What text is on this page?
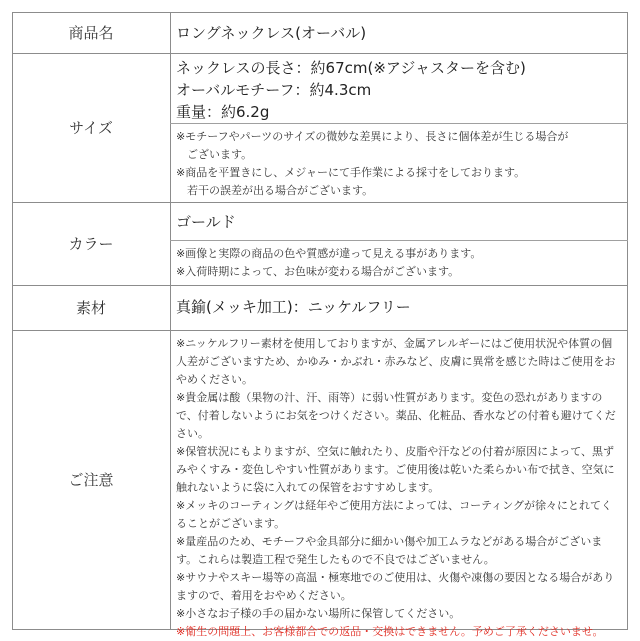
商品名	ロングネックレス(オーバル)
サイズ
ネックレスの長さ：約67cm(※アジャスターを含む)
オーバルモチーフ：約4.3cm
重量：約6.2g
※モチーフやパーツのサイズの微妙な差異により、長さに個体差が生じる場合が
　ございます。
※商品を平置きにし、メジャーにて手作業による採寸をしております。
　若干の誤差が出る場合がございます。
カラー
ゴールド
※画像と実際の商品の色や質感が違って見える事があります。
※入荷時期によって、お色味が変わる場合がございます。
素材	真鍮(メッキ加工)：ニッケルフリー
ご注意
※ニッケルフリー素材を使用しておりますが、金属アレルギーにはご使用状況や体質の個
人差がございますため、かゆみ・かぶれ・赤みなど、皮膚に異常を感じた時はご使用をお
やめください。
※貴金属は酸（果物の汁、汗、雨等）に弱い性質があります。変色の恐れがありますの
で、付着しないようにお気をつけください。薬品、化粧品、香水などの付着も避けてくだ
さい。
※保管状況にもよりますが、空気に触れたり、皮脂や汗などの付着が原因によって、黒ず
みやくすみ・変色しやすい性質があります。ご使用後は乾いた柔らかい布で拭き、空気に
触れないように袋に入れての保管をおすすめします。
※メッキのコーティングは経年やご使用方法によっては、コーティングが徐々にとれてく
ることがございます。
※量産品のため、モチーフや金具部分に細かい傷や加工ムラなどがある場合がございま
す。これらは製造工程で発生したもので不良ではございません。
※サウナやスキー場等の高温・極寒地でのご使用は、火傷や凍傷の要因となる場合があり
ますので、着用をおやめください。
※小さなお子様の手の届かない場所に保管してください。
※衛生の問題上、お客様都合での返品・交換はできません。予めご了承くださいませ。
